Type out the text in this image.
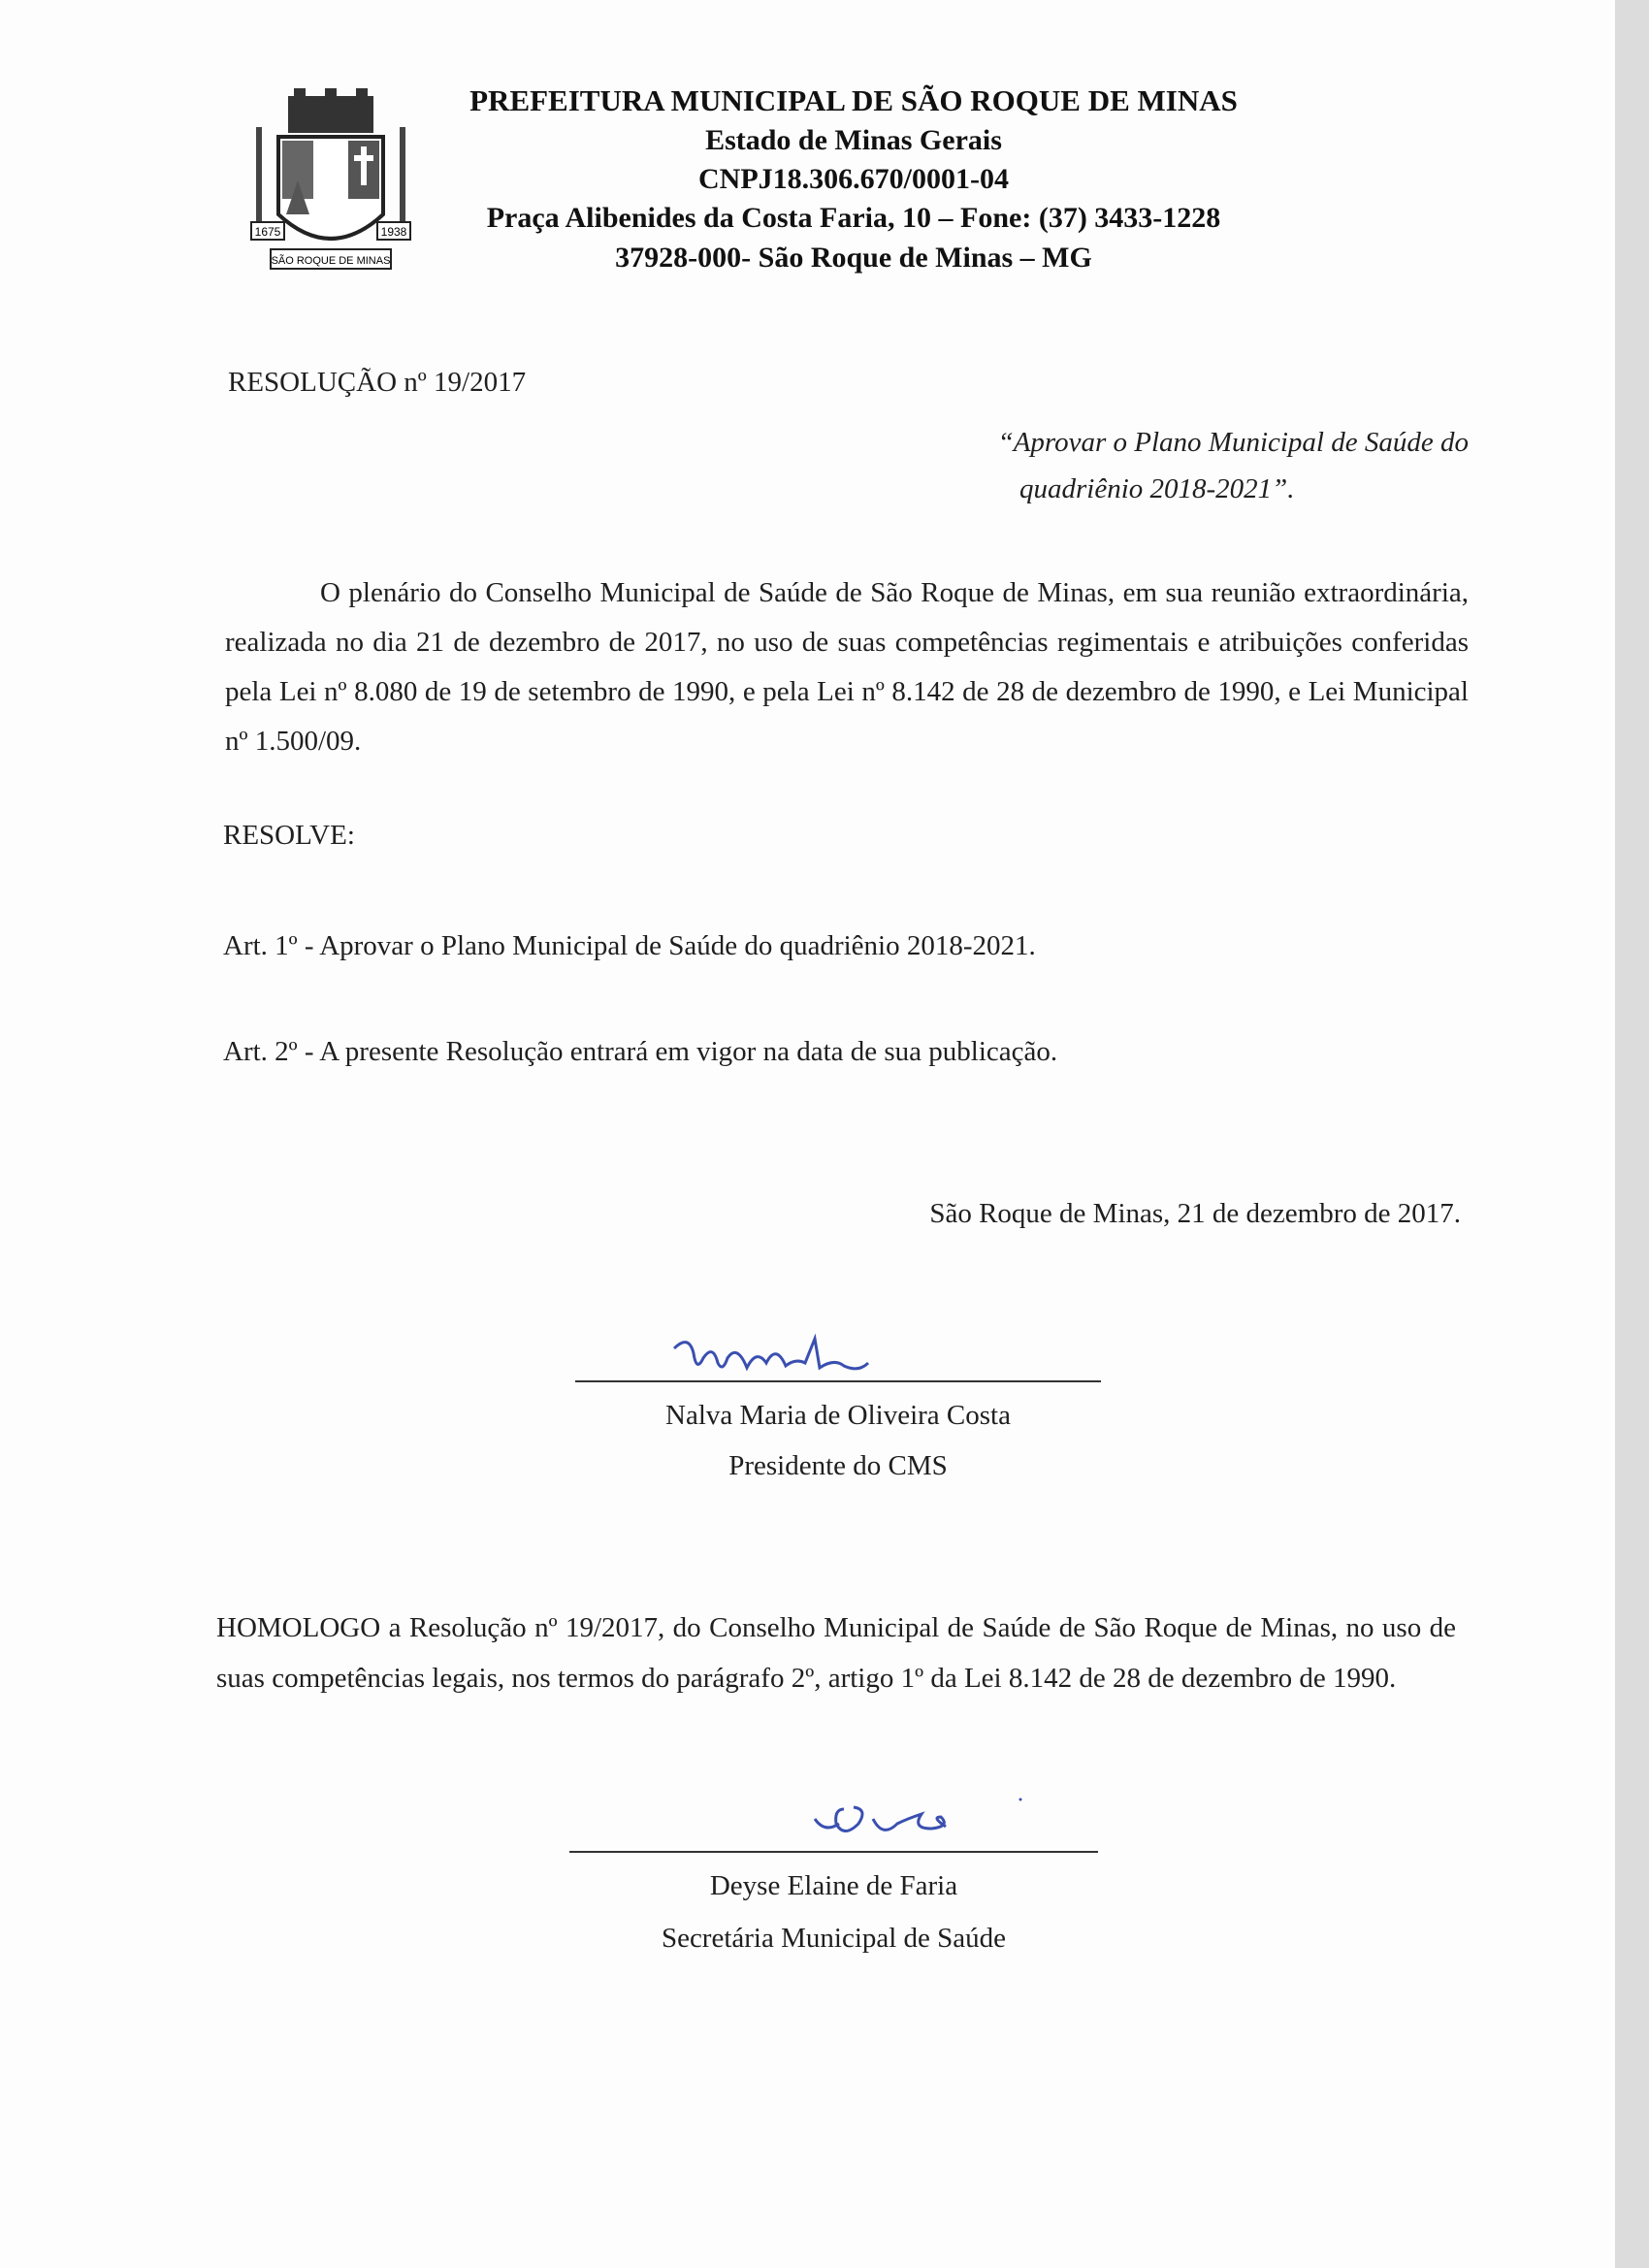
1675	1938
SÃO ROQUE DE MINAS
PREFEITURA MUNICIPAL DE SÃO ROQUE DE MINAS
Estado de Minas Gerais
CNPJ18.306.670/0001-04
Praça Alibenides da Costa Faria, 10 – Fone: (37) 3433-1228
37928-000- São Roque de Minas – MG
RESOLUÇÃO nº 19/2017
“Aprovar o Plano Municipal de Saúde do
quadriênio 2018-2021”.
O plenário do Conselho Municipal de Saúde de São Roque de Minas, em sua reunião extraordinária, realizada no dia 21 de dezembro de 2017, no uso de suas competências regimentais e atribuições conferidas pela Lei nº 8.080 de 19 de setembro de 1990, e pela Lei nº 8.142 de 28 de dezembro de 1990, e Lei Municipal nº 1.500/09.
RESOLVE:
Art. 1º - Aprovar o Plano Municipal de Saúde do quadriênio 2018-2021.
Art. 2º - A presente Resolução entrará em vigor na data de sua publicação.
São Roque de Minas, 21 de dezembro de 2017.
Nalva Maria de Oliveira Costa
Presidente do CMS
HOMOLOGO a Resolução nº 19/2017, do Conselho Municipal de Saúde de São Roque de Minas, no uso de suas competências legais, nos termos do parágrafo 2º, artigo 1º da Lei 8.142 de 28 de dezembro de 1990.
Deyse Elaine de Faria
Secretária Municipal de Saúde
